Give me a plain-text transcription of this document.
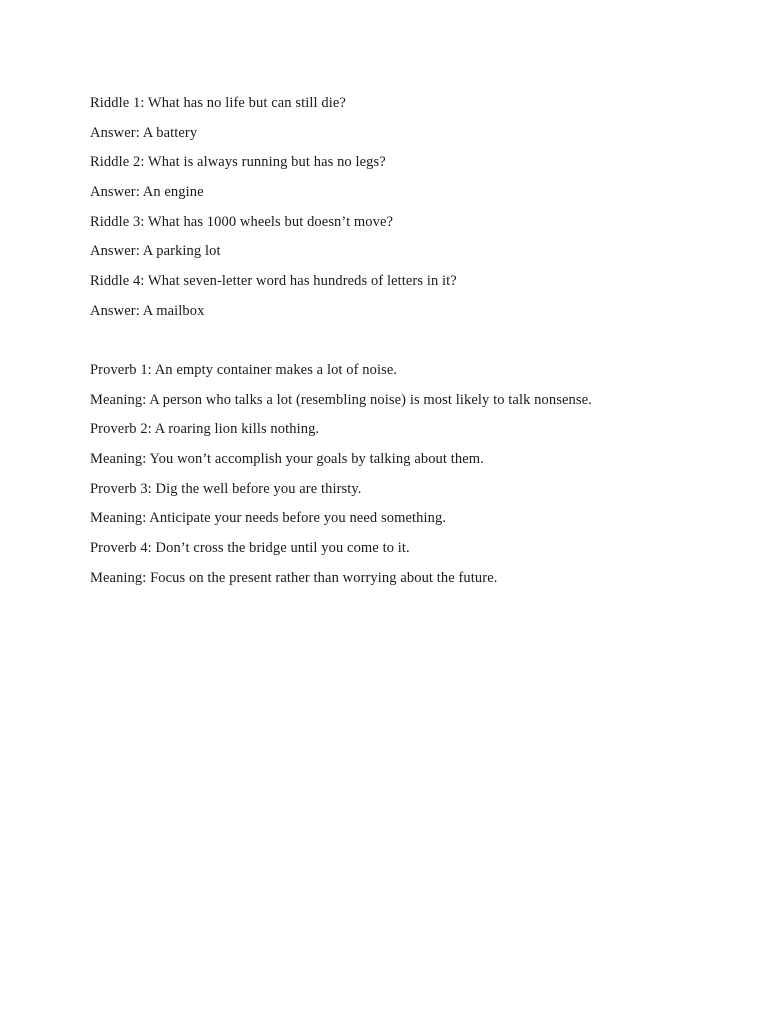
Riddle 1: What has no life but can still die?
Answer: A battery
Riddle 2: What is always running but has no legs?
Answer: An engine
Riddle 3: What has 1000 wheels but doesn’t move?
Answer: A parking lot
Riddle 4: What seven-letter word has hundreds of letters in it?
Answer: A mailbox
Proverb 1: An empty container makes a lot of noise.
Meaning: A person who talks a lot (resembling noise) is most likely to talk nonsense.
Proverb 2: A roaring lion kills nothing.
Meaning: You won’t accomplish your goals by talking about them.
Proverb 3: Dig the well before you are thirsty.
Meaning: Anticipate your needs before you need something.
Proverb 4: Don’t cross the bridge until you come to it.
Meaning: Focus on the present rather than worrying about the future.
